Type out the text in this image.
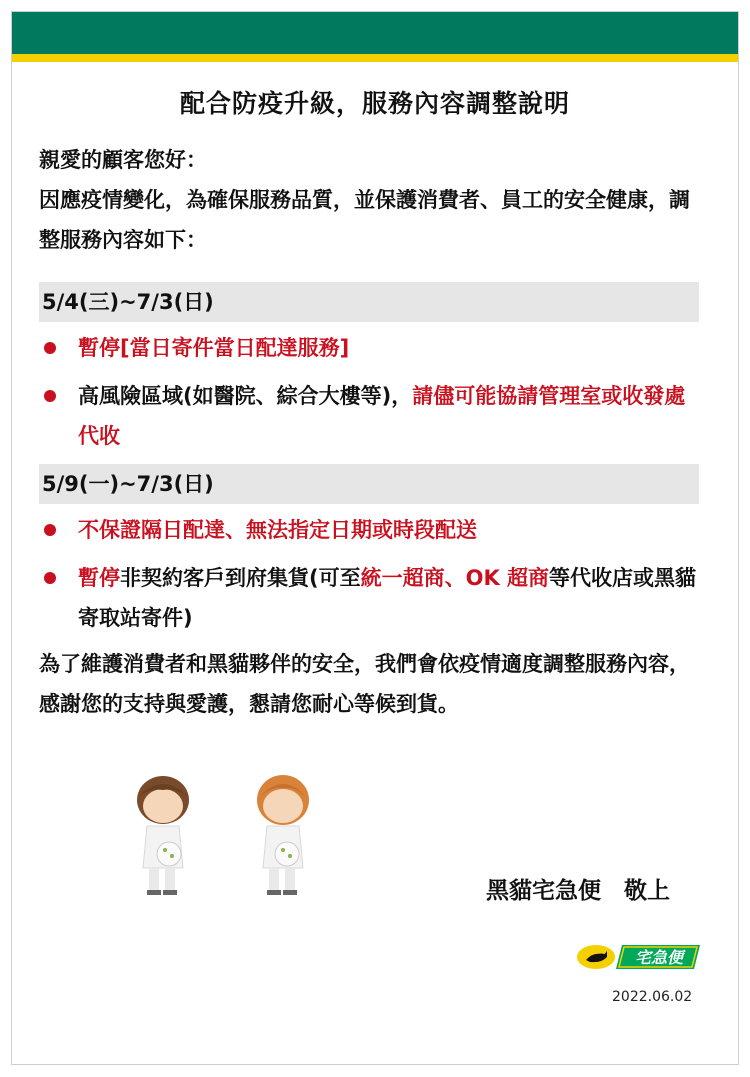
配合防疫升級，服務內容調整說明
親愛的顧客您好：
因應疫情變化，為確保服務品質，並保護消費者、員工的安全健康，調整服務內容如下：
5/4(三)~7/3(日)
暫停[當日寄件當日配達服務]
高風險區域(如醫院、綜合大樓等)，請儘可能協請管理室或收發處代收
5/9(一)~7/3(日)
不保證隔日配達、無法指定日期或時段配送
暫停非契約客戶到府集貨(可至統一超商、OK 超商等代收店或黑貓寄取站寄件)
為了維護消費者和黑貓夥伴的安全，我們會依疫情適度調整服務內容，感謝您的支持與愛護，懇請您耐心等候到貨。
黑貓宅急便　敬上
宅急便
2022.06.02
